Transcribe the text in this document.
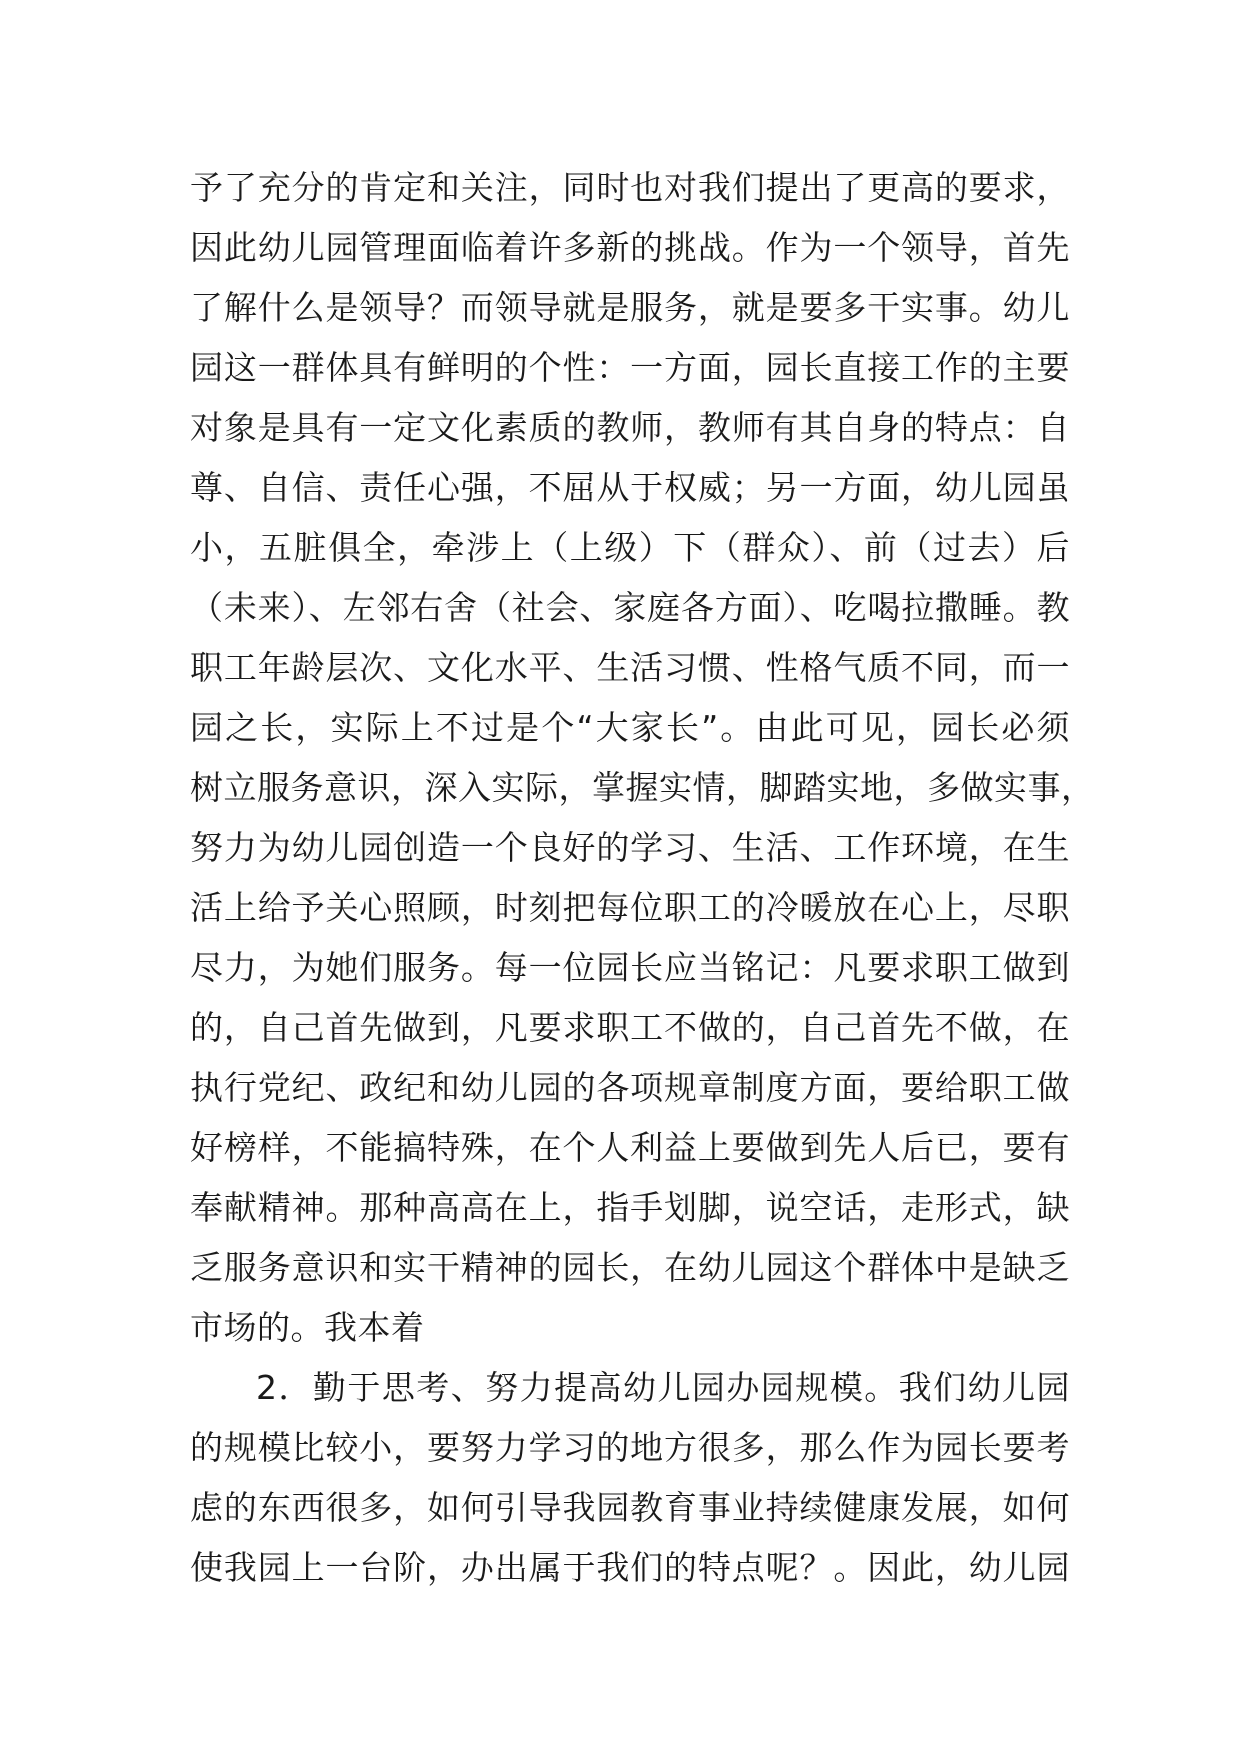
予了充分的肯定和关注，同时也对我们提出了更高的要求，
因此幼儿园管理面临着许多新的挑战。作为一个领导，首先
了解什么是领导？而领导就是服务，就是要多干实事。幼儿
园这一群体具有鲜明的个性：一方面，园长直接工作的主要
对象是具有一定文化素质的教师，教师有其自身的特点：自
尊、自信、责任心强，不屈从于权威；另一方面，幼儿园虽
小，五脏俱全，牵涉上（上级）下（群众）、前（过去）后
（未来）、左邻右舍（社会、家庭各方面）、吃喝拉撒睡。教
职工年龄层次、文化水平、生活习惯、性格气质不同，而一
园之长，实际上不过是个“大家长”。由此可见，园长必须
树立服务意识，深入实际，掌握实情，脚踏实地，多做实事，
努力为幼儿园创造一个良好的学习、生活、工作环境，在生
活上给予关心照顾，时刻把每位职工的冷暖放在心上，尽职
尽力，为她们服务。每一位园长应当铭记：凡要求职工做到
的，自己首先做到，凡要求职工不做的，自己首先不做，在
执行党纪、政纪和幼儿园的各项规章制度方面，要给职工做
好榜样，不能搞特殊，在个人利益上要做到先人后已，要有
奉献精神。那种高高在上，指手划脚，说空话，走形式，缺
乏服务意识和实干精神的园长，在幼儿园这个群体中是缺乏
市场的。我本着
2．勤于思考、努力提高幼儿园办园规模。我们幼儿园
的规模比较小，要努力学习的地方很多，那么作为园长要考
虑的东西很多，如何引导我园教育事业持续健康发展，如何
使我园上一台阶，办出属于我们的特点呢？。因此，幼儿园
